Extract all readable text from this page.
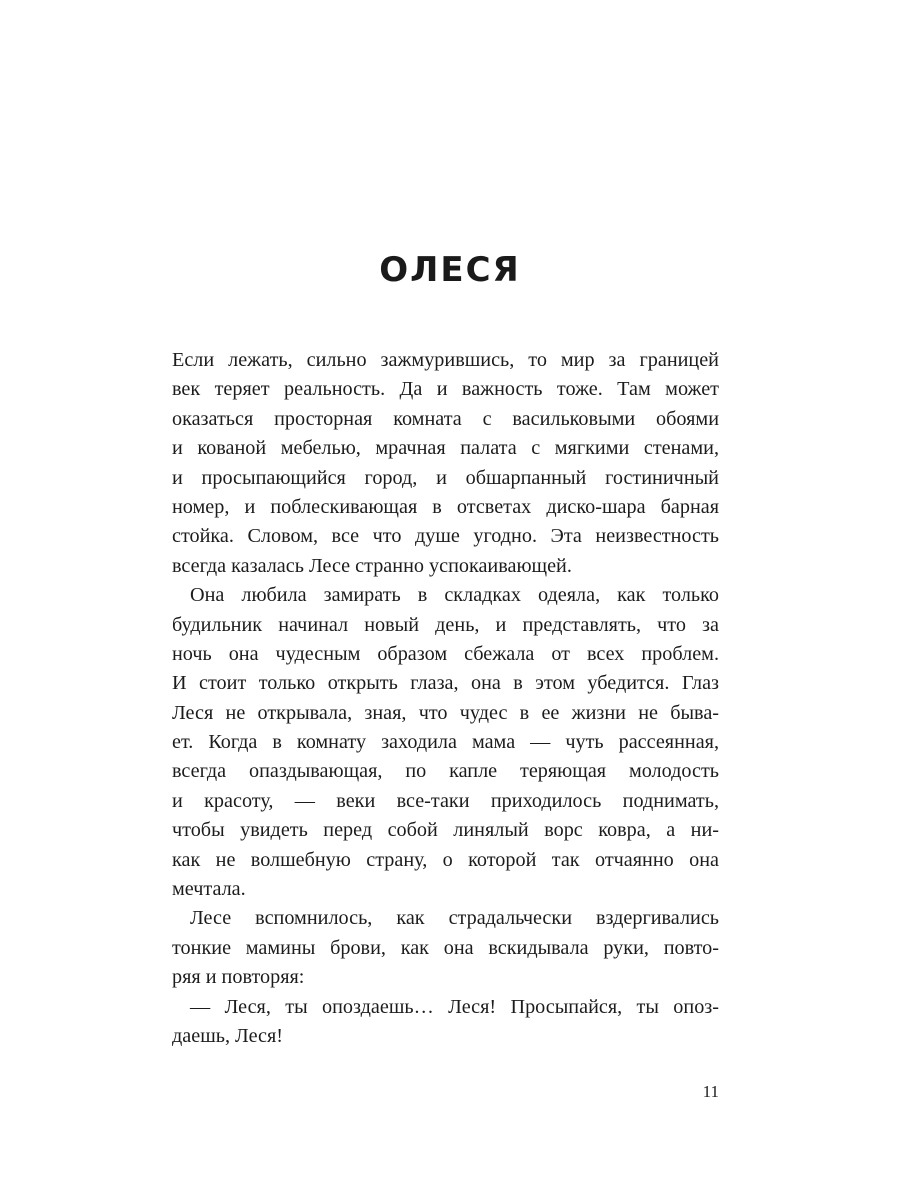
ОЛЕСЯ
Если лежать, сильно зажмурившись, то мир за границей
век теряет реальность. Да и важность тоже. Там может
оказаться просторная комната с васильковыми обоями
и кованой мебелью, мрачная палата с мягкими стенами,
и просыпающийся город, и обшарпанный гостиничный
номер, и поблескивающая в отсветах диско-шара барная
стойка. Словом, все что душе угодно. Эта неизвестность
всегда казалась Лесе странно успокаивающей.
Она любила замирать в складках одеяла, как только
будильник начинал новый день, и представлять, что за
ночь она чудесным образом сбежала от всех проблем.
И стоит только открыть глаза, она в этом убедится. Глаз
Леся не открывала, зная, что чудес в ее жизни не быва-
ет. Когда в комнату заходила мама — чуть рассеянная,
всегда опаздывающая, по капле теряющая молодость
и красоту, — веки все-таки приходилось поднимать,
чтобы увидеть перед собой линялый ворс ковра, а ни-
как не волшебную страну, о которой так отчаянно она
мечтала.
Лесе вспомнилось, как страдальчески вздергивались
тонкие мамины брови, как она вскидывала руки, повто-
ряя и повторяя:
— Леся, ты опоздаешь… Леся! Просыпайся, ты опоз-
даешь, Леся!
11
